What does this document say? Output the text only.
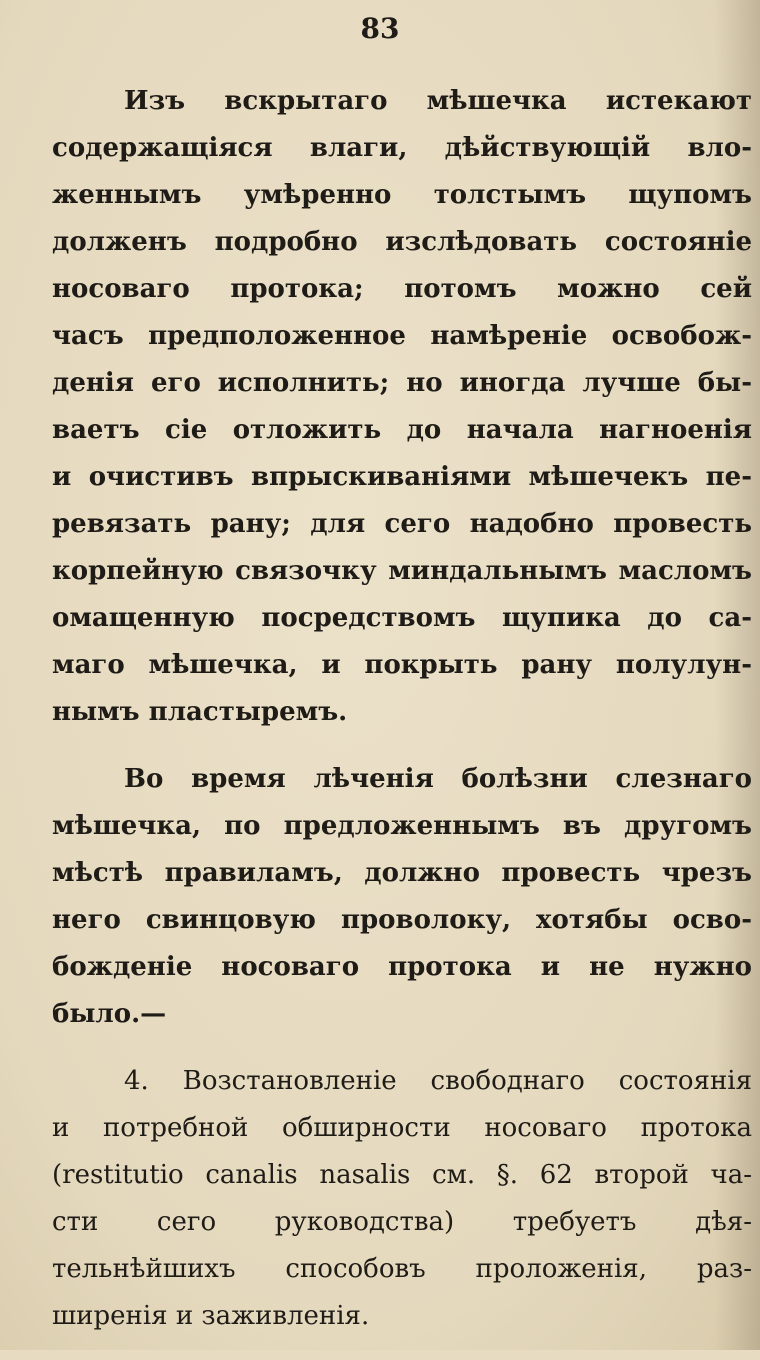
83
Изъ вскрытаго мѣшечка истекают
содержащіяся влаги, дѣйствующій вло-
женнымъ умѣренно толстымъ щупомъ
долженъ подробно изслѣдовать состояніе
носоваго протока; потомъ можно сей
часъ предположенное намѣреніе освобож-
денія его исполнить; но иногда лучше бы-
ваетъ сіе отложить до начала нагноенія
и очистивъ впрыскиваніями мѣшечекъ пе-
ревязать рану; для сего надобно провесть
корпейную связочку миндальнымъ масломъ
омащенную посредствомъ щупика до са-
маго мѣшечка, и покрыть рану полулун-
нымъ пластыремъ.
Во время лѣченія болѣзни слезнаго
мѣшечка, по предложеннымъ въ другомъ
мѣстѣ правиламъ, должно провесть чрезъ
него свинцовую проволоку, хотябы осво-
божденіе носоваго протока и не нужно
было.—
4. Возстановленіе свободнаго состоянія
и потребной обширности носоваго протока
(restitutio canalis nasalis см. §. 62 второй ча-
сти сего руководства) требуетъ дѣя-
тельнѣйшихъ способовъ проложенія, раз-
ширенія и заживленія.
